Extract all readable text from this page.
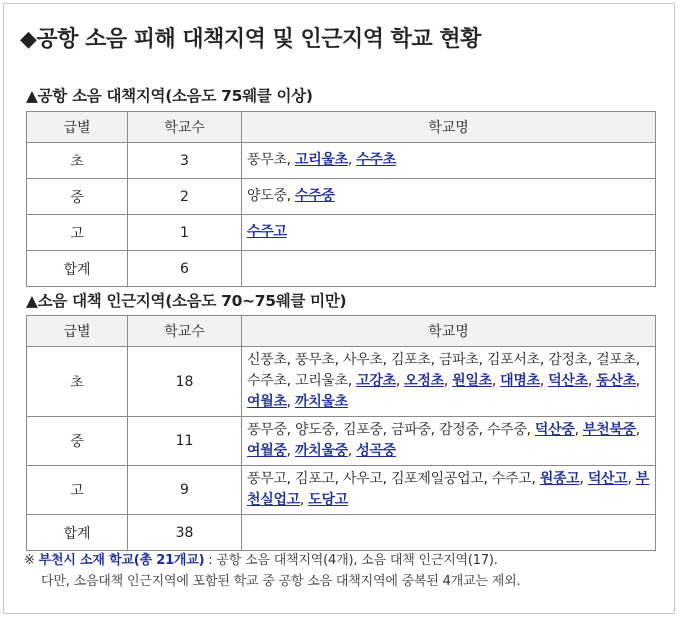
◆공항 소음 피해 대책지역 및 인근지역 학교 현황
▲공항 소음 대책지역(소음도 75웨클 이상)
급별	학교수	학교명
초	3	풍무초, 고리울초, 수주초
중	2	양도중, 수주중
고	1	수주고
합계	6	
▲소음 대책 인근지역(소음도 70~75웨클 미만)
급별	학교수	학교명
초	18	신풍초, 풍무초, 사우초, 김포초, 금파초, 김포서초, 감정초, 걸포초, 수주초, 고리울초, 고강초, 오정초, 원일초, 대명초, 덕산초, 동산초, 여월초, 까치울초
중	11	풍무중, 양도중, 김포중, 금파중, 감정중, 수주중, 덕산중, 부천북중, 여월중, 까치울중, 성곡중
고	9	풍무고, 김포고, 사우고, 김포제일공업고, 수주고, 원종고, 덕산고, 부천실업고, 도당고
합계	38	
※ 부천시 소재 학교(총 21개교) : 공항 소음 대책지역(4개), 소음 대책 인근지역(17).
다만, 소음대책 인근지역에 포함된 학교 중 공항 소음 대책지역에 중복된 4개교는 제외.
